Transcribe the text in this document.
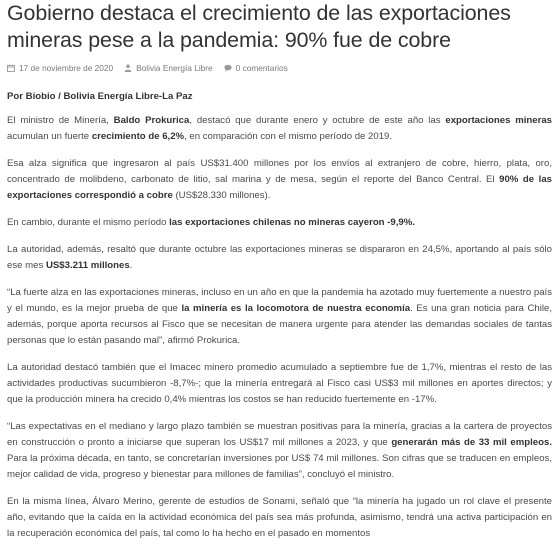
Gobierno destaca el crecimiento de las exportaciones mineras pese a la pandemia: 90% fue de cobre
17 de noviembre de 2020	Bolivia Energía Libre	0 comentarios
Por Biobio / Bolivia Energía Libre-La Paz

El ministro de Minería, Baldo Prokurica, destacó que durante enero y octubre de este año las exportaciones mineras acumulan un fuerte crecimiento de 6,2%, en comparación con el mismo período de 2019.

Esa alza significa que ingresaron al país US$31.400 millones por los envíos al extranjero de cobre, hierro, plata, oro, concentrado de molibdeno, carbonato de litio, sal marina y de mesa, según el reporte del Banco Central. El 90% de las exportaciones correspondió a cobre (US$28.330 millones).

En cambio, durante el mismo período las exportaciones chilenas no mineras cayeron -9,9%.

La autoridad, además, resaltó que durante octubre las exportaciones mineras se dispararon en 24,5%, aportando al país sólo ese mes US$3.211 millones.

“La fuerte alza en las exportaciones mineras, incluso en un año en que la pandemia ha azotado muy fuertemente a nuestro país y el mundo, es la mejor prueba de que la minería es la locomotora de nuestra economía. Es una gran noticia para Chile, además, porque aporta recursos al Fisco que se necesitan de manera urgente para atender las demandas sociales de tantas personas que lo están pasando mal”, afirmó Prokurica.

La autoridad destacó también que el Imacec minero promedio acumulado a septiembre fue de 1,7%, mientras el resto de las actividades productivas sucumbieron -8,7%-; que la minería entregará al Fisco casi US$3 mil millones en aportes directos; y que la producción minera ha crecido 0,4% mientras los costos se han reducido fuertemente en -17%.

“Las expectativas en el mediano y largo plazo también se muestran positivas para la minería, gracias a la cartera de proyectos en construcción o pronto a iniciarse que superan los US$17 mil millones a 2023, y que generarán más de 33 mil empleos. Para la próxima década, en tanto, se concretarían inversiones por US$ 74 mil millones. Son cifras que se traducen en empleos, mejor calidad de vida, progreso y bienestar para millones de familias”, concluyó el ministro.

En la misma línea, Álvaro Merino, gerente de estudios de Sonami, señaló que “la minería ha jugado un rol clave el presente año, evitando que la caída en la actividad económica del país sea más profunda, asimismo, tendrá una activa participación en la recuperación económica del país, tal como lo ha hecho en el pasado en momentos
